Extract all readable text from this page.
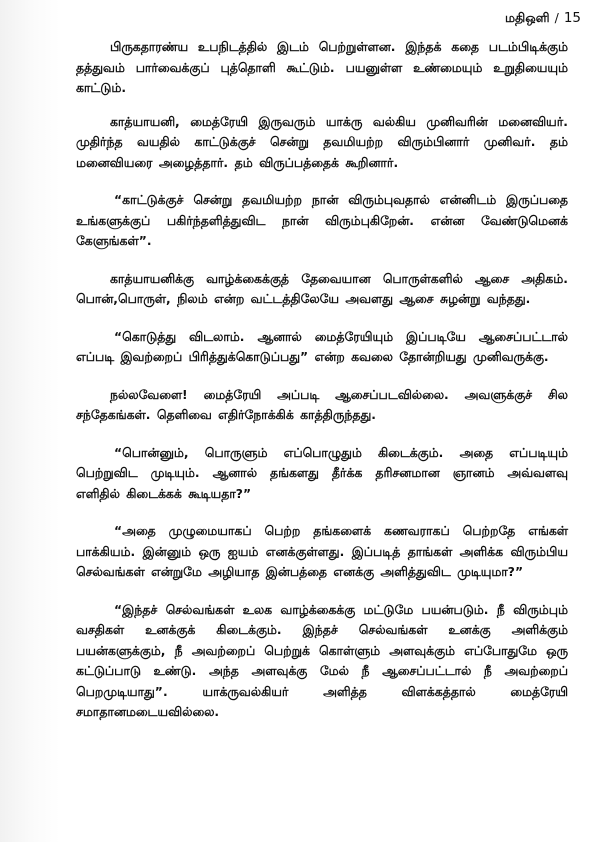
மதிஒளி / 15

பிருகதாரண்ய உபநிடத்தில் இடம் பெற்றுள்ளன. இந்தக் கதை படம்பிடிக்கும் தத்துவம் பார்வைக்குப் புத்தொளி கூட்டும். பயனுள்ள உண்மையும் உறுதியையும் காட்டும்.

காத்யாயனி, மைத்ரேயி இருவரும் யாக்ரு வல்கிய முனிவரின் மனைவியர். முதிர்ந்த வயதில் காட்டுக்குச் சென்று தவமியற்ற விரும்பினார் முனிவர். தம் மனைவியரை அழைத்தார். தம் விருப்பத்தைக் கூறினார்.

“காட்டுக்குச் சென்று தவமியற்ற நான் விரும்புவதால் என்னிடம் இருப்பதை உங்களுக்குப் பகிர்ந்தளித்துவிட நான் விரும்புகிறேன். என்ன வேண்டுமெனக் கேளுங்கள்”.

காத்யாயனிக்கு வாழ்க்கைக்குத் தேவையான பொருள்களில் ஆசை அதிகம். பொன்,பொருள், நிலம் என்ற வட்டத்திலேயே அவளது ஆசை சுழன்று வந்தது.

“கொடுத்து விடலாம். ஆனால் மைத்ரேயியும் இப்படியே ஆசைப்பட்டால் எப்படி இவற்றைப் பிரித்துக்கொடுப்பது” என்ற கவலை தோன்றியது முனிவருக்கு.

நல்லவேளை! மைத்ரேயி அப்படி ஆசைப்படவில்லை. அவளுக்குச் சில சந்தேகங்கள். தெளிவை எதிர்நோக்கிக் காத்திருந்தது.

“பொன்னும், பொருளும் எப்பொழுதும் கிடைக்கும். அதை எப்படியும் பெற்றுவிட முடியும். ஆனால் தங்களது தீர்க்க தரிசனமான ஞானம் அவ்வளவு எளிதில் கிடைக்கக் கூடியதா?”

“அதை முழுமையாகப் பெற்ற தங்களைக் கணவராகப் பெற்றதே எங்கள் பாக்கியம். இன்னும் ஒரு ஐயம் எனக்குள்ளது. இப்படித் தாங்கள் அளிக்க விரும்பிய செல்வங்கள் என்றுமே அழியாத இன்பத்தை எனக்கு அளித்துவிட முடியுமா?”

“இந்தச் செல்வங்கள் உலக வாழ்க்கைக்கு மட்டுமே பயன்படும். நீ விரும்பும் வசதிகள் உனக்குக் கிடைக்கும். இந்தச் செல்வங்கள் உனக்கு அளிக்கும் பயன்களுக்கும், நீ அவற்றைப் பெற்றுக் கொள்ளும் அளவுக்கும் எப்போதுமே ஒரு கட்டுப்பாடு உண்டு. அந்த அளவுக்கு மேல் நீ ஆசைப்பட்டால் நீ அவற்றைப் பெறமுடியாது”. யாக்ருவல்கியர் அளித்த விளக்கத்தால் மைத்ரேயி சமாதானமடையவில்லை.
